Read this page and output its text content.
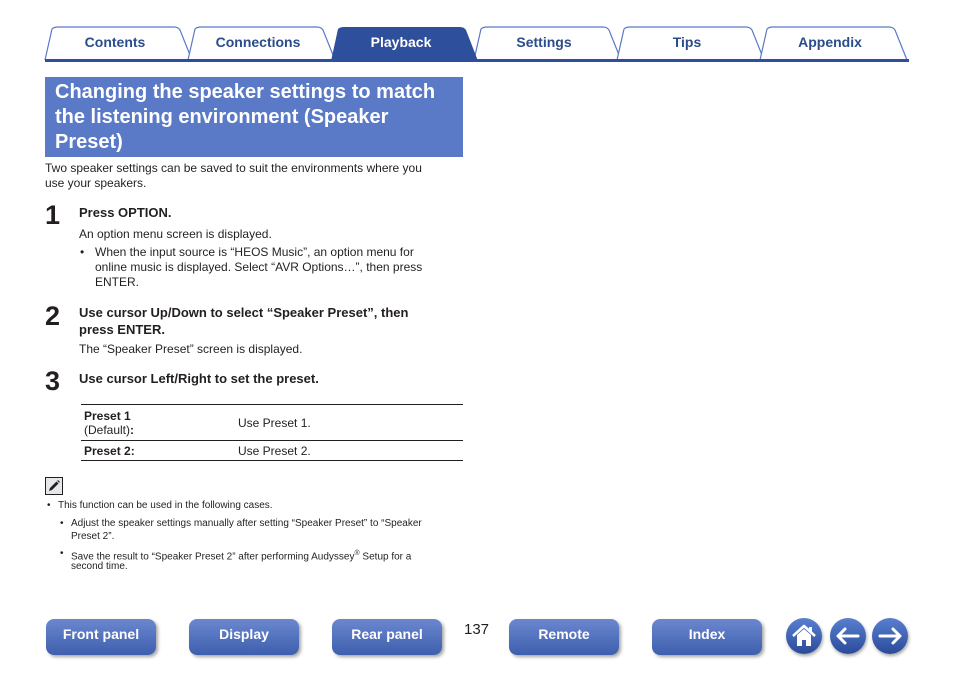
Contents	Connections	Playback	Settings	Tips	Appendix
Changing the speaker settings to match the listening environment (Speaker Preset)

Two speaker settings can be saved to suit the environments where you

use your speakers.

1 Press OPTION.

An option menu screen is displayed.

• When the input source is “HEOS Music”, an option menu for
online music is displayed. Select “AVR Options…”, then press
ENTER.
2 Use cursor Up/Down to select “Speaker Preset”, then
press ENTER.

The “Speaker Preset” screen is displayed.

3 Use cursor Left/Right to set the preset.
Preset 1
(Default):	Use Preset 1.
Preset 2:	Use Preset 2.
• This function can be used in the following cases.
• Adjust the speaker settings manually after setting “Speaker Preset” to “Speaker
Preset 2”.
• Save the result to “Speaker Preset 2” after performing Audyssey® Setup for a
second time.
Front panel	Display	Rear panel	137	Remote	Index
